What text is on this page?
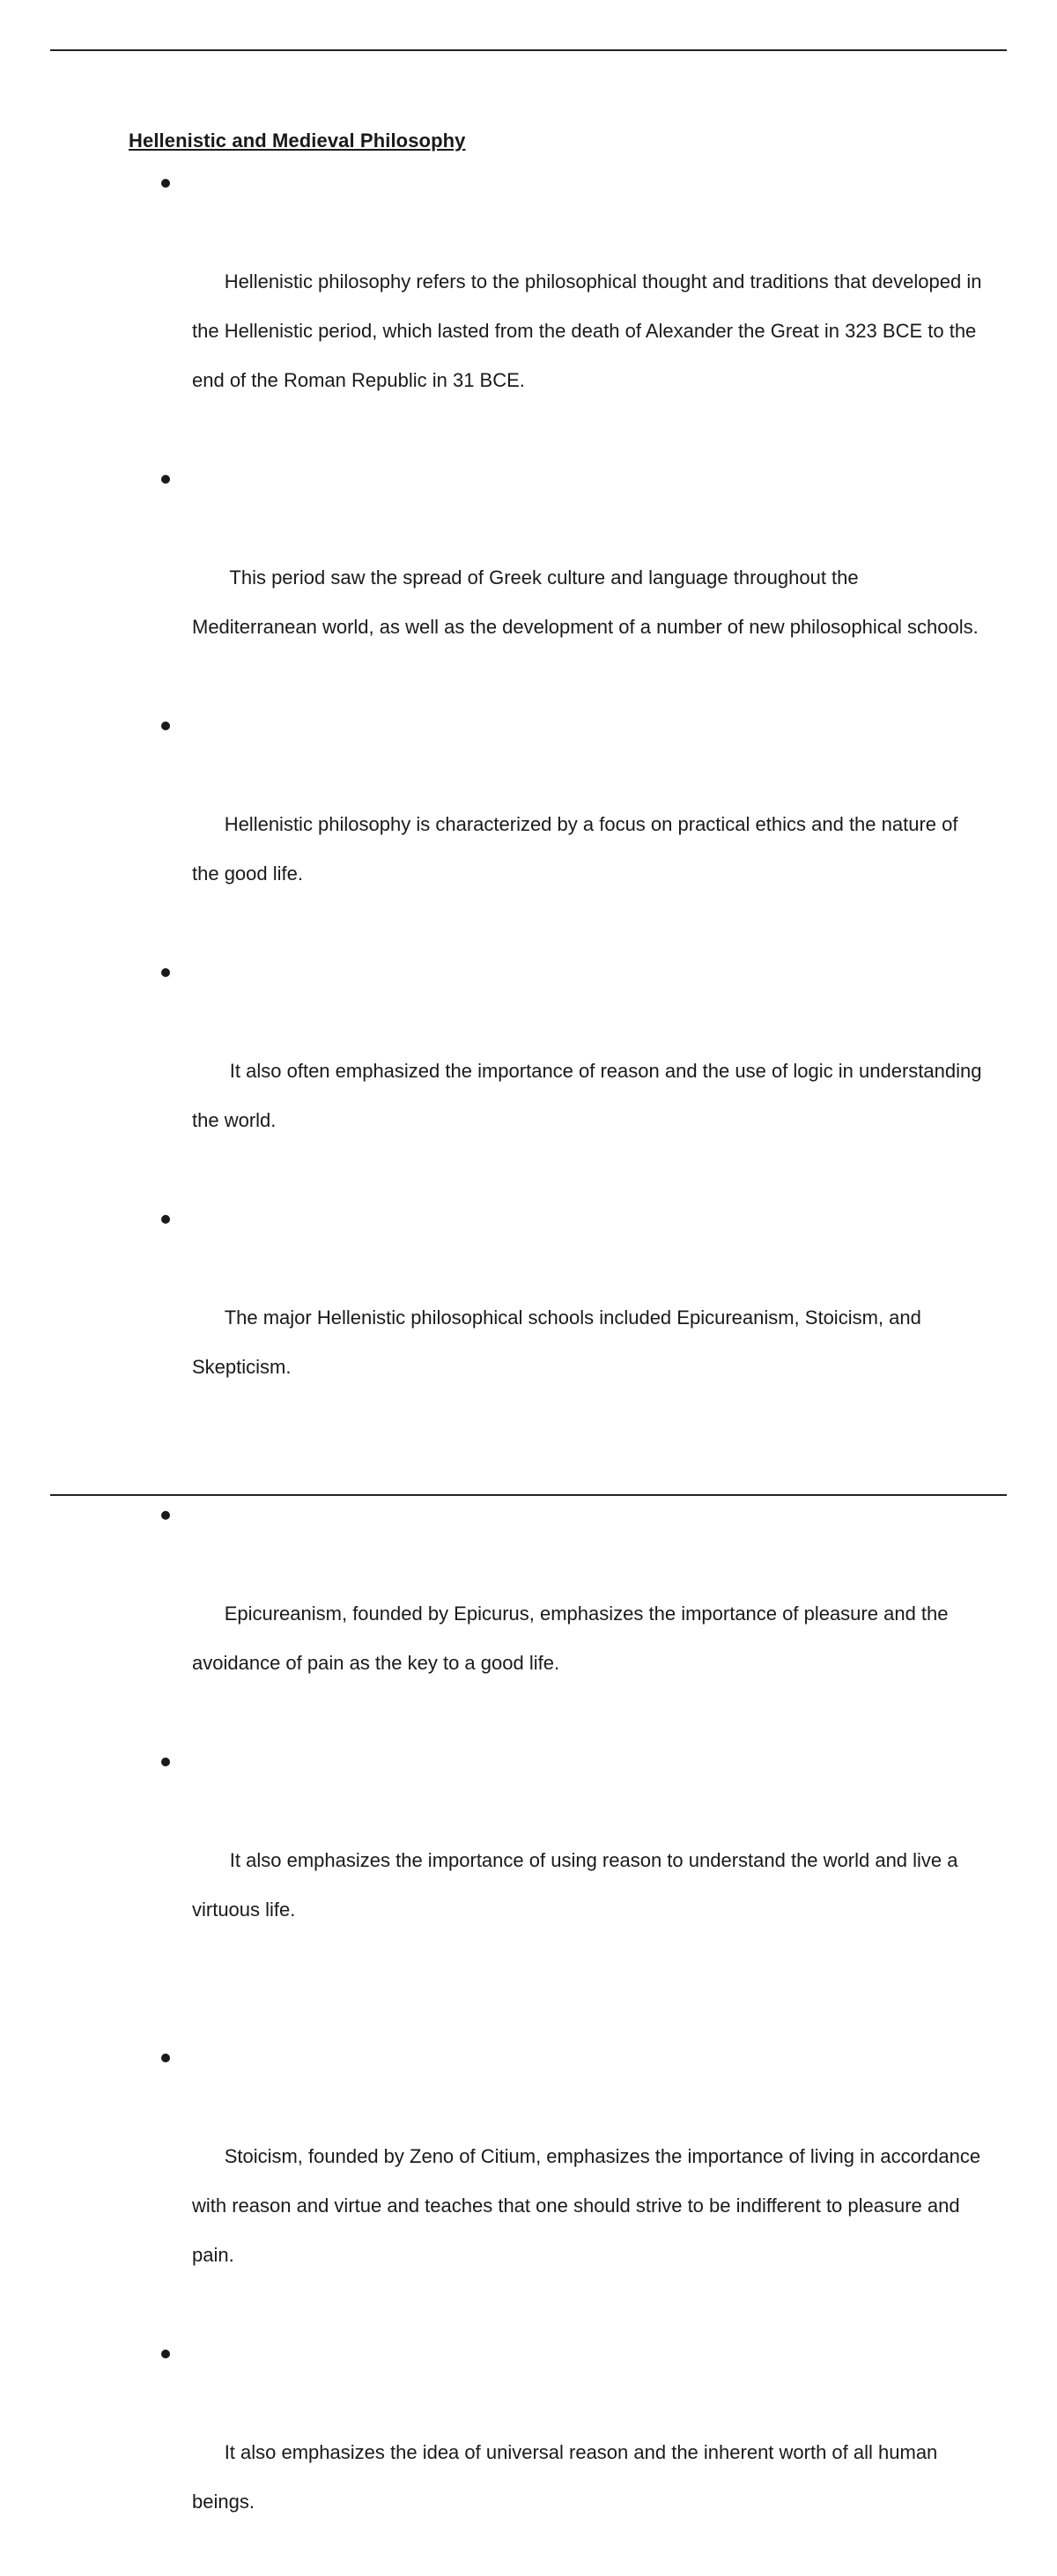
Hellenistic and Medieval Philosophy

Hellenistic philosophy refers to the philosophical thought and traditions that developed in the Hellenistic period, which lasted from the death of Alexander the Great in 323 BCE to the end of the Roman Republic in 31 BCE.

This period saw the spread of Greek culture and language throughout the Mediterranean world, as well as the development of a number of new philosophical schools.

Hellenistic philosophy is characterized by a focus on practical ethics and the nature of the good life.

It also often emphasized the importance of reason and the use of logic in understanding the world.

The major Hellenistic philosophical schools included Epicureanism, Stoicism, and Skepticism.

Epicureanism, founded by Epicurus, emphasizes the importance of pleasure and the avoidance of pain as the key to a good life.

It also emphasizes the importance of using reason to understand the world and live a virtuous life.

Stoicism, founded by Zeno of Citium, emphasizes the importance of living in accordance with reason and virtue and teaches that one should strive to be indifferent to pleasure and pain.

It also emphasizes the idea of universal reason and the inherent worth of all human beings.
